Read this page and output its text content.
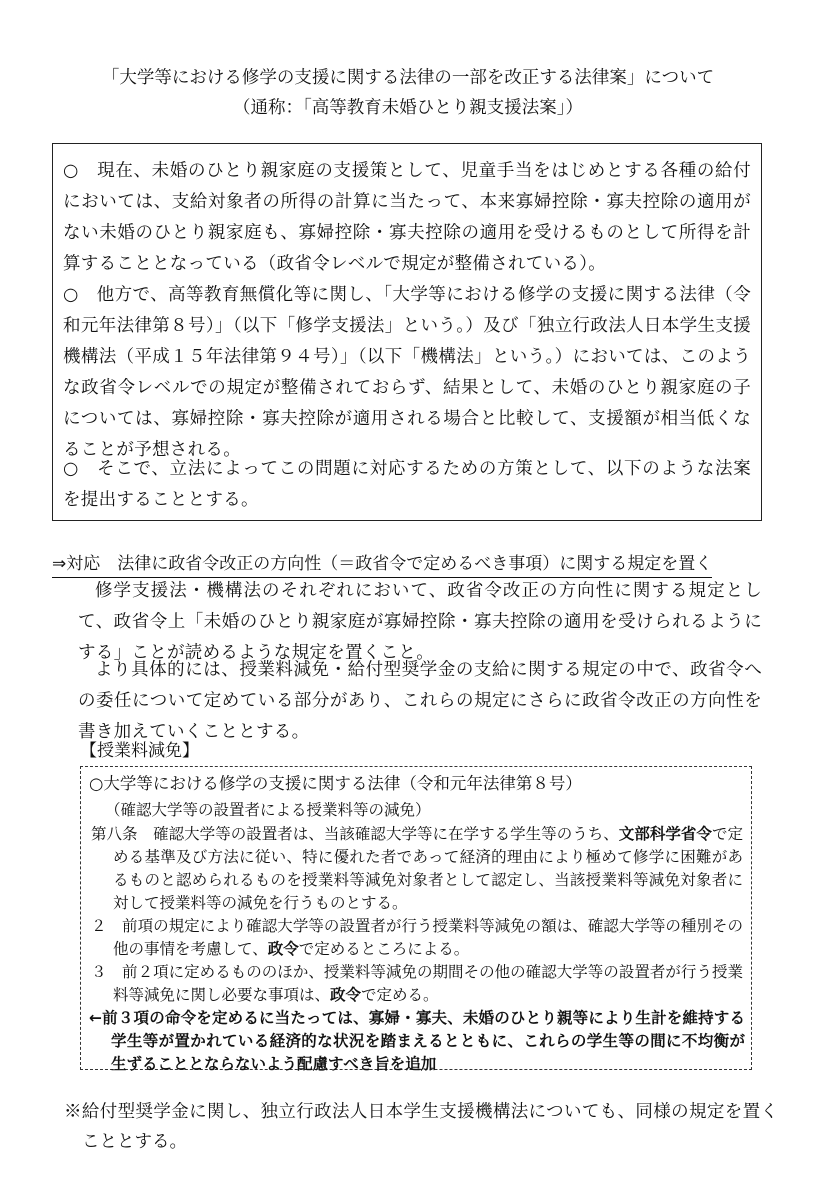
「大学等における修学の支援に関する法律の一部を改正する法律案」について
（通称：「高等教育未婚ひとり親支援法案」）
○　現在、未婚のひとり親家庭の支援策として、児童手当をはじめとする各種の給付においては、支給対象者の所得の計算に当たって、本来寡婦控除・寡夫控除の適用がない未婚のひとり親家庭も、寡婦控除・寡夫控除の適用を受けるものとして所得を計算することとなっている（政省令レベルで規定が整備されている）。
○　他方で、高等教育無償化等に関し、「大学等における修学の支援に関する法律（令和元年法律第８号）」（以下「修学支援法」という。）及び「独立行政法人日本学生支援機構法（平成１５年法律第９４号）」（以下「機構法」という。）においては、このような政省令レベルでの規定が整備されておらず、結果として、未婚のひとり親家庭の子については、寡婦控除・寡夫控除が適用される場合と比較して、支援額が相当低くなることが予想される。
○　そこで、立法によってこの問題に対応するための方策として、以下のような法案を提出することとする。
⇒対応　法律に政省令改正の方向性（＝政省令で定めるべき事項）に関する規定を置く
修学支援法・機構法のそれぞれにおいて、政省令改正の方向性に関する規定として、政省令上「未婚のひとり親家庭が寡婦控除・寡夫控除の適用を受けられるようにする」ことが読めるような規定を置くこと。
より具体的には、授業料減免・給付型奨学金の支給に関する規定の中で、政省令への委任について定めている部分があり、これらの規定にさらに政省令改正の方向性を書き加えていくこととする。
【授業料減免】
○大学等における修学の支援に関する法律（令和元年法律第８号）
（確認大学等の設置者による授業料等の減免）
第八条　確認大学等の設置者は、当該確認大学等に在学する学生等のうち、文部科学省令で定める基準及び方法に従い、特に優れた者であって経済的理由により極めて修学に困難があるものと認められるものを授業料等減免対象者として認定し、当該授業料等減免対象者に対して授業料等の減免を行うものとする。
２　前項の規定により確認大学等の設置者が行う授業料等減免の額は、確認大学等の種別その他の事情を考慮して、政令で定めるところによる。
３　前２項に定めるもののほか、授業料等減免の期間その他の確認大学等の設置者が行う授業料等減免に関し必要な事項は、政令で定める。
←前３項の命令を定めるに当たっては、寡婦・寡夫、未婚のひとり親等により生計を維持する学生等が置かれている経済的な状況を踏まえるとともに、これらの学生等の間に不均衡が生ずることとならないよう配慮すべき旨を追加
※給付型奨学金に関し、独立行政法人日本学生支援機構法についても、同様の規定を置くこととする。
